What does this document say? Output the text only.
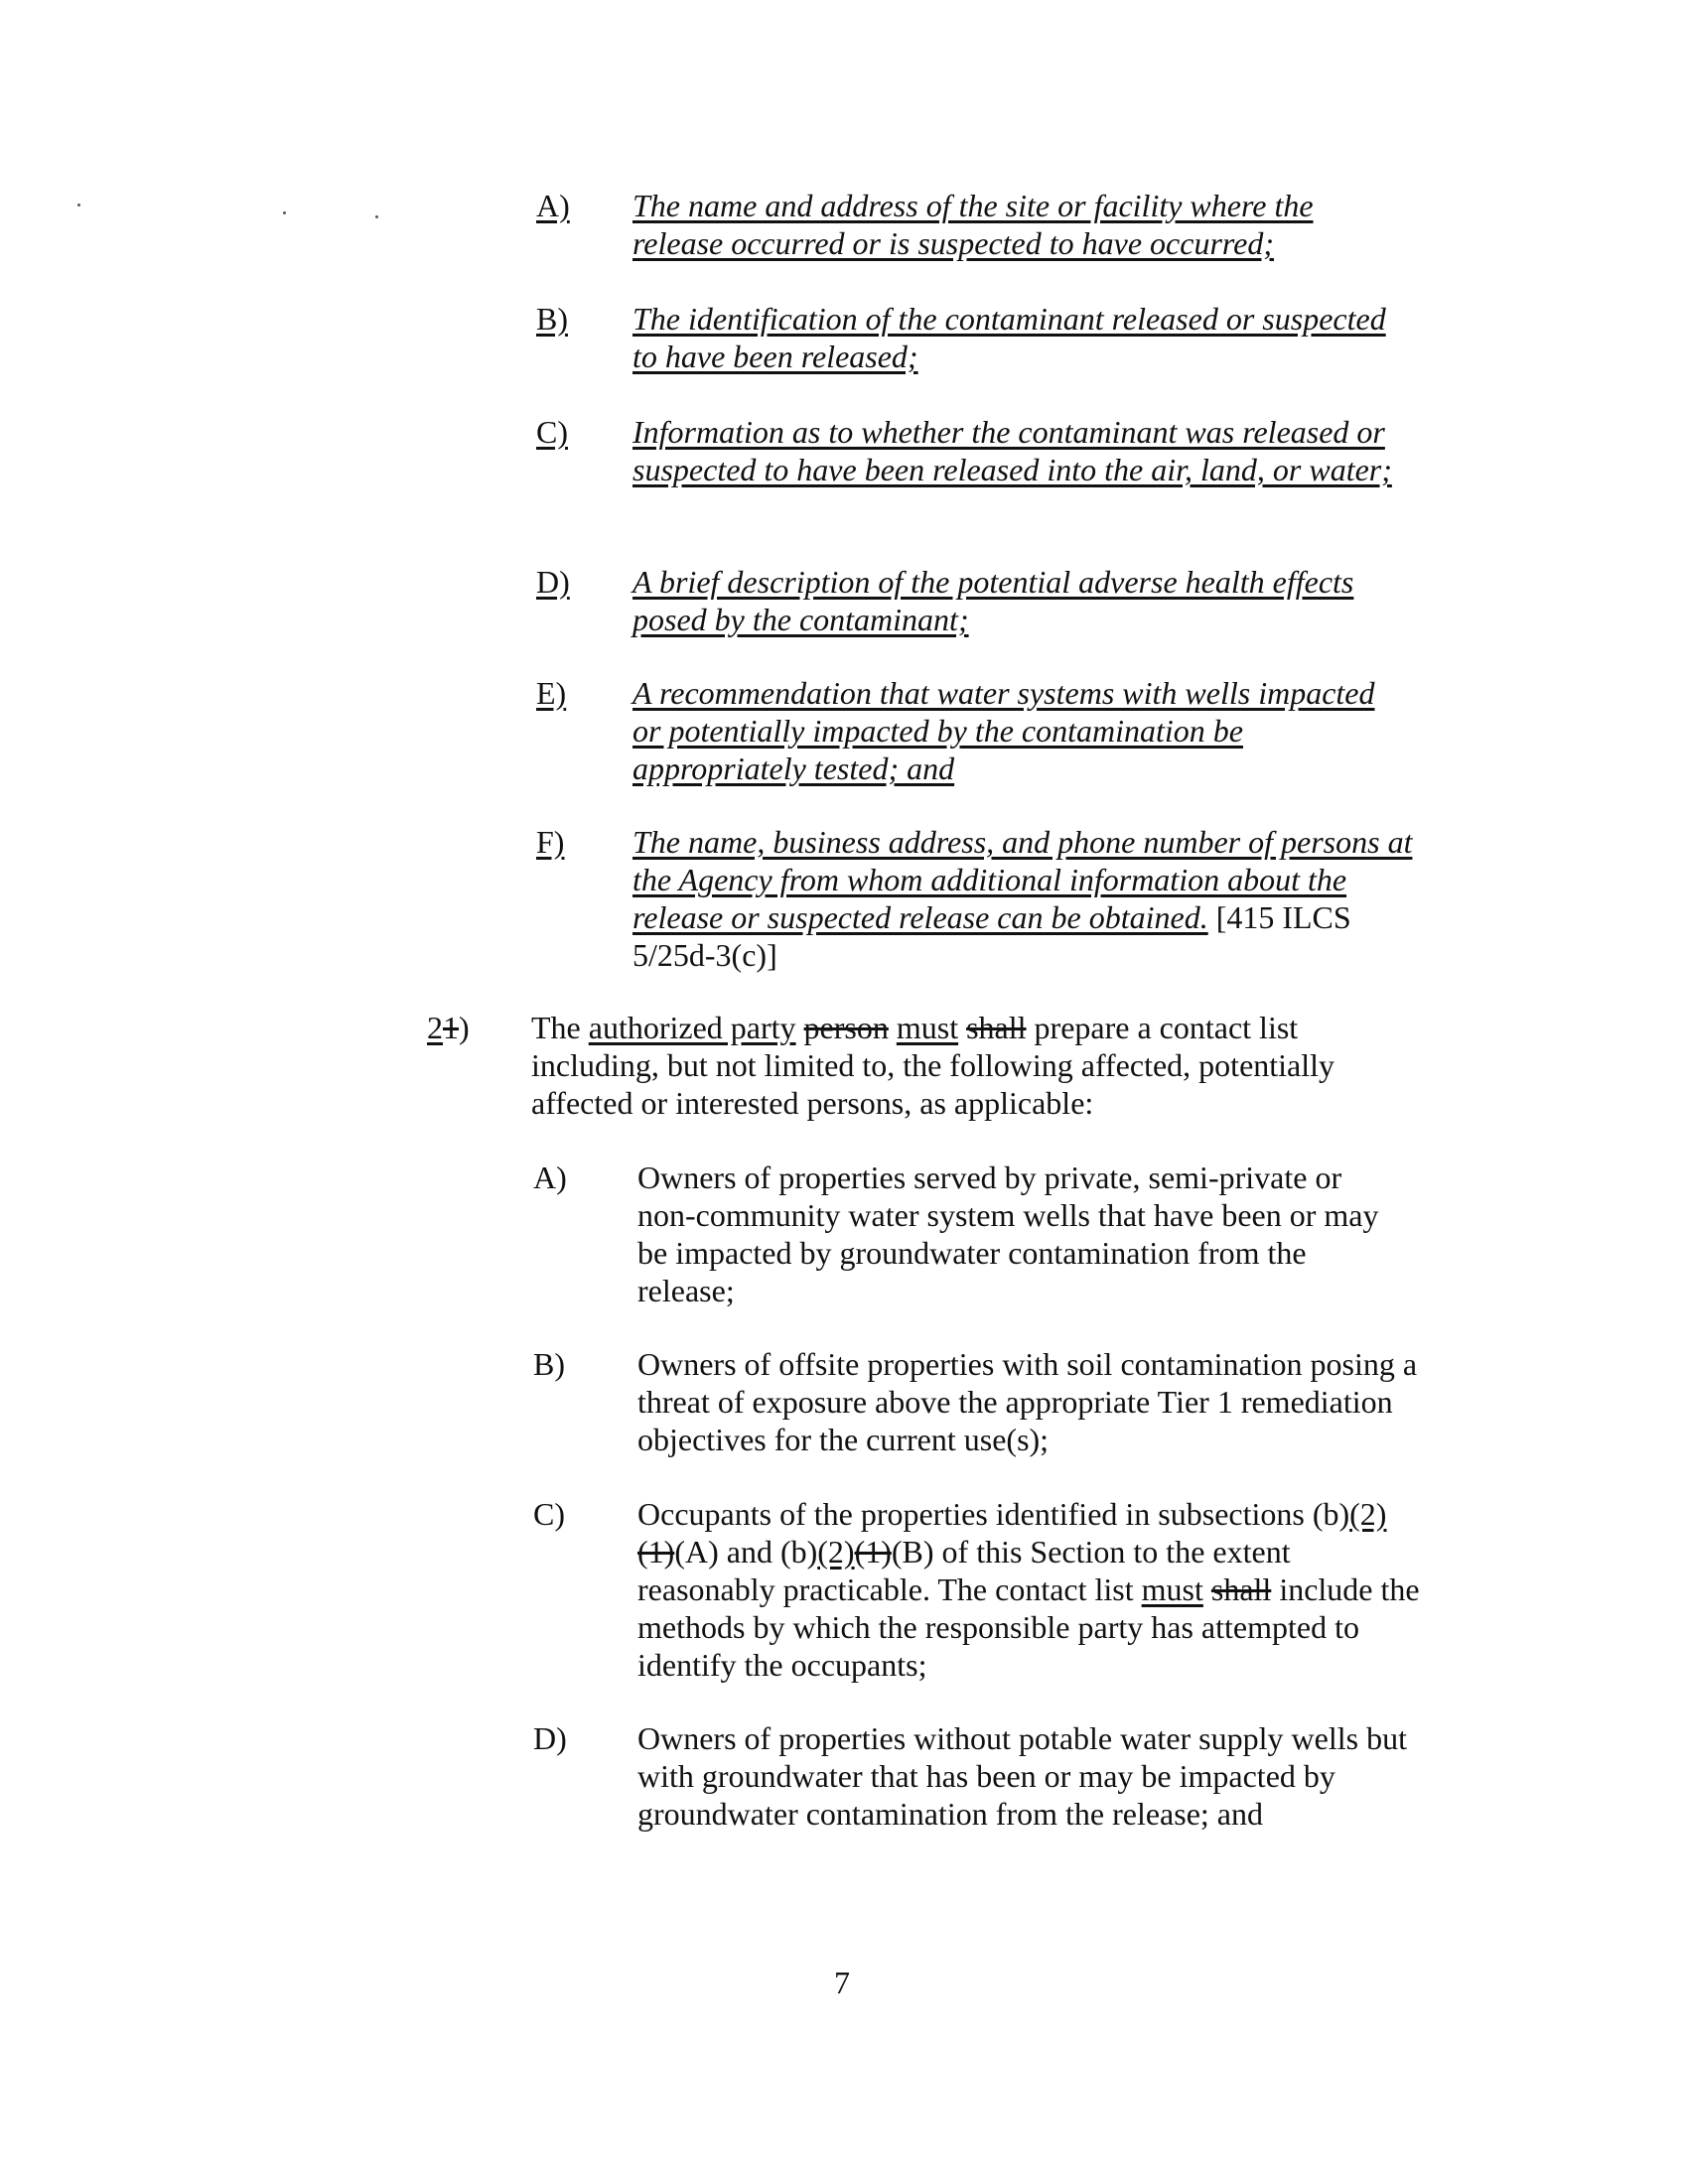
A) The name and address of the site or facility where the release occurred or is suspected to have occurred;
B) The identification of the contaminant released or suspected to have been released;
C) Information as to whether the contaminant was released or suspected to have been released into the air, land, or water;
D) A brief description of the potential adverse health effects posed by the contaminant;
E) A recommendation that water systems with wells impacted or potentially impacted by the contamination be appropriately tested; and
F) The name, business address, and phone number of persons at the Agency from whom additional information about the release or suspected release can be obtained. [415 ILCS 5/25d-3(c)]
21) The authorized party person must shall prepare a contact list including, but not limited to, the following affected, potentially affected or interested persons, as applicable:
A) Owners of properties served by private, semi-private or non-community water system wells that have been or may be impacted by groundwater contamination from the release;
B) Owners of offsite properties with soil contamination posing a threat of exposure above the appropriate Tier 1 remediation objectives for the current use(s);
C) Occupants of the properties identified in subsections (b)(2)(1)(A) and (b)(2)(1)(B) of this Section to the extent reasonably practicable. The contact list must shall include the methods by which the responsible party has attempted to identify the occupants;
D) Owners of properties without potable water supply wells but with groundwater that has been or may be impacted by groundwater contamination from the release; and
7
